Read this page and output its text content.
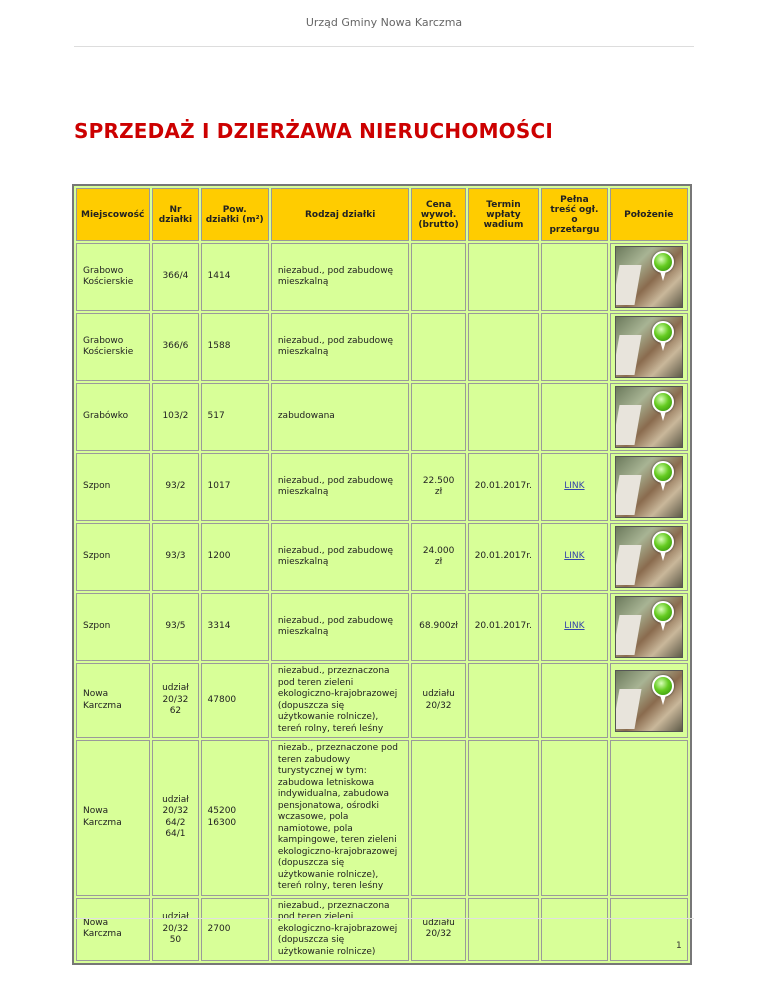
Urząd Gminy Nowa Karczma
SPRZEDAŻ I DZIERŻAWA NIERUCHOMOŚCI
Miejscowość	Nr działki	Pow. działki (m²)	Rodzaj działki	Cena wywoł. (brutto)	Termin wpłaty wadium	Pełna treść ogł. o przetargu	Położenie
Grabowo Kościerskie	366/4	1414	niezabud., pod zabudowę mieszkalną				

Grabowo Kościerskie	366/6	1588	niezabud., pod zabudowę mieszkalną				

Grabówko	103/2	517	zabudowana				

Szpon	93/2	1017	niezabud., pod zabudowę mieszkalną	22.500 zł	20.01.2017r.	LINK	

Szpon	93/3	1200	niezabud., pod zabudowę mieszkalną	24.000 zł	20.01.2017r.	LINK	

Szpon	93/5	3314	niezabud., pod zabudowę mieszkalną	68.900zł	20.01.2017r.	LINK	

Nowa Karczma	udział 20/32 62	47800	niezabud., przeznaczona pod teren zieleni ekologiczno-krajobrazowej (dopuszcza się użytkowanie rolnicze), tereń rolny, tereń leśny	udziału 20/32			

Nowa Karczma	udział 20/32 64/2 64/1	45200 16300	niezab., przeznaczone pod teren zabudowy turystycznej w tym: zabudowa letniskowa indywidualna, zabudowa pensjonatowa, ośrodki wczasowe, pola namiotowe, pola kampingowe, teren zieleni ekologiczno-krajobrazowej (dopuszcza się użytkowanie rolnicze), tereń rolny, teren leśny				
Nowa Karczma	udział 20/32 50	2700	niezabud., przeznaczona pod teren zieleni ekologiczno-krajobrazowej (dopuszcza się użytkowanie rolnicze)	udziału 20/32			
1
